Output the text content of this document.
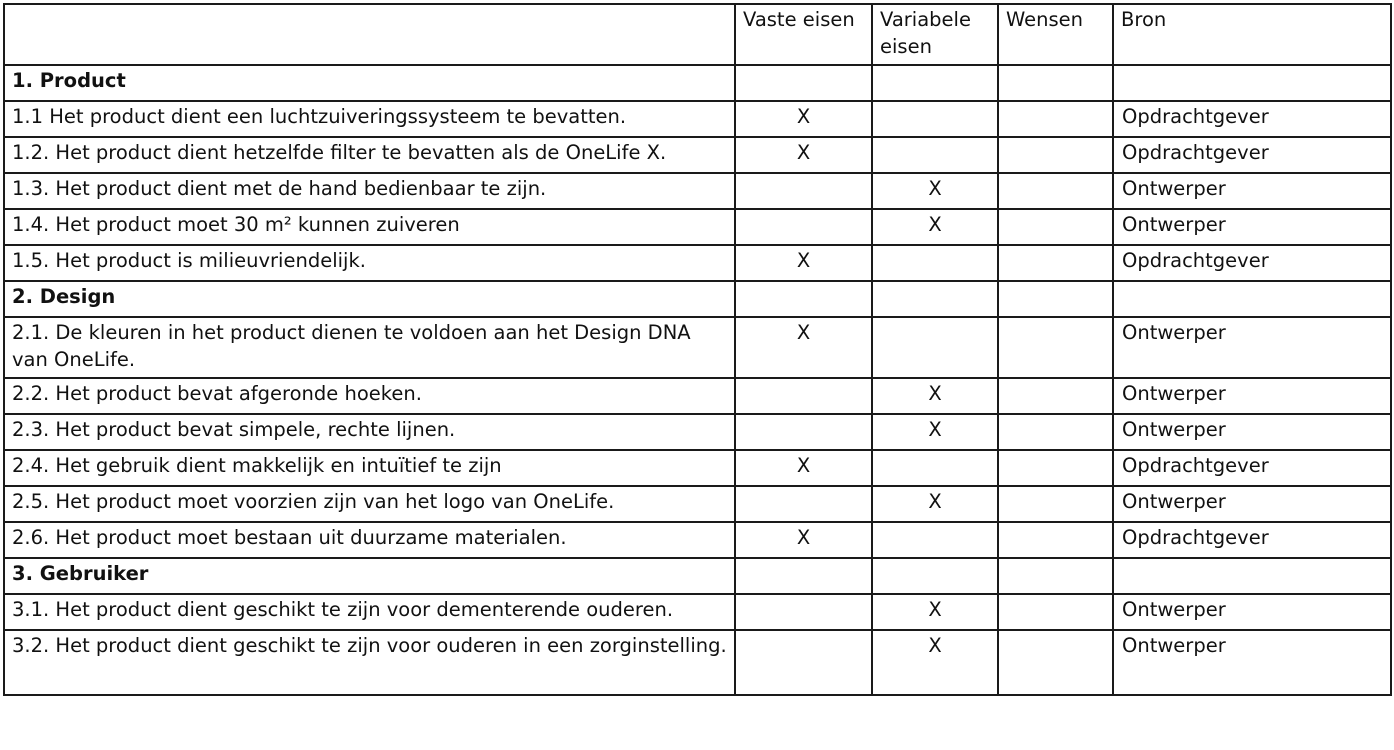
	Vaste eisen	Variabele eisen	Wensen	Bron
1. Product				
1.1 Het product dient een luchtzuiveringssysteem te bevatten.	X			Opdrachtgever
1.2. Het product dient hetzelfde filter te bevatten als de OneLife X.	X			Opdrachtgever
1.3. Het product dient met de hand bedienbaar te zijn.		X		Ontwerper
1.4. Het product moet 30 m² kunnen zuiveren		X		Ontwerper
1.5. Het product is milieuvriendelijk.	X			Opdrachtgever
2. Design				
2.1. De kleuren in het product dienen te voldoen aan het Design DNA van OneLife.	X			Ontwerper
2.2. Het product bevat afgeronde hoeken.		X		Ontwerper
2.3. Het product bevat simpele, rechte lijnen.		X		Ontwerper
2.4. Het gebruik dient makkelijk en intuïtief te zijn	X			Opdrachtgever
2.5. Het product moet voorzien zijn van het logo van OneLife.		X		Ontwerper
2.6. Het product moet bestaan uit duurzame materialen.	X			Opdrachtgever
3. Gebruiker				
3.1. Het product dient geschikt te zijn voor dementerende ouderen.		X		Ontwerper
3.2. Het product dient geschikt te zijn voor ouderen in een zorginstelling.		X		Ontwerper
